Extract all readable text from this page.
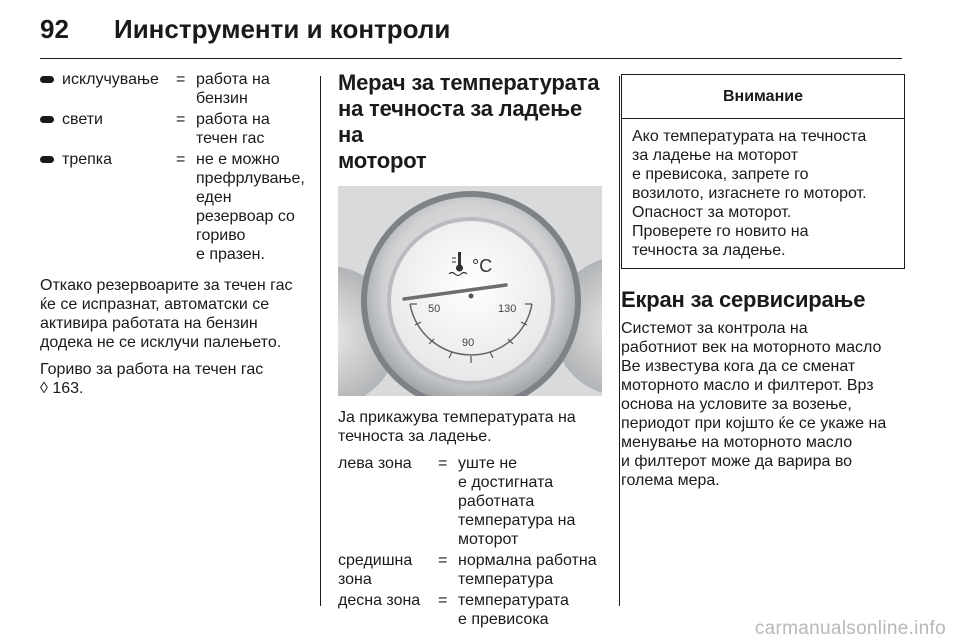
92	Иинструменти и контроли
исклучување = работа на
бензин
свети	= работа на
течен гас
трепка	= не е можно
префрлување,
еден
резервоар со
гориво
е празен.

Откако резервоарите за течен гас
ќе се испразнат, автоматски се
активира работата на бензин
додека не се исклучи палењето.

Гориво за работа на течен гас
◊ 163.

Мерач за температурата
на течноста за ладење на
моторот
50
90
130
°C

Ја прикажува температурата на
течноста за ладење.

лева зона	= уште не
е достигната
работната
температура на
моторот
средишна
зона
= нормална работна
температура
десна зона	= температурата
е превисока
Внимание
Ако температурата на течноста
за ладење на моторот
е превисока, запрете го
возилото, изгаснете го моторот.
Опасност за моторот.
Проверете го новито на
течноста за ладење.
Екран за сервисирање

Системот за контрола на
работниот век на моторното масло
Ве известува кога да се сменат
моторното масло и филтерот. Врз
основа на условите за возење,
периодот при којшто ќе се укаже на
менување на моторното масло
и филтерот може да варира во
голема мера.

carmanualsonline.info
